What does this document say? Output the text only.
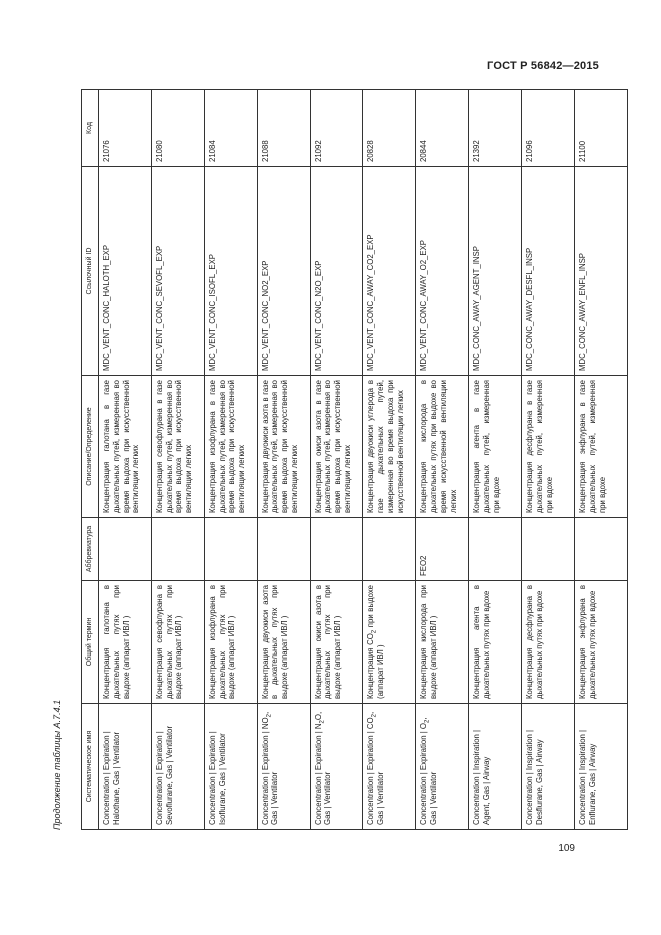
ГОСТ Р 56842—2015
Продолжение таблицы А.7.4.1	Систематическое имя	Общий термин	Аббревиатура	Описание/Определение	Ссылочный ID	Код
Concentration | Expiration | Halothane, Gas | Ventilator	Концентрация галотана в дыхательных путях при выдохе (аппарат ИВЛ )		Концентрация галотана в газе дыхательных путей, измеренная во время выдоха при искусственной вентиляции легких	MDC_VENT_CONC_HALOTH_EXP	21076
Concentration | Expiration | Sevoflurane, Gas | Ventilator	Концентрация севофлурана в дыхательных путях при выдохе (аппарат ИВЛ )		Концентрация севофлурана в газе дыхательных путей, измеренная во время выдоха при искусственной вентиляции легких	MDC_VENT_CONC_SEVOFL_EXP	21080
Concentration | Expiration | Isoflurane, Gas | Ventilator	Концентрация изофлурана в дыхательных путях при выдохе (аппарат ИВЛ )		Концентрация изофлурана в газе дыхательных путей, измеренная во время выдоха при искусственной вентиляции легких	MDC_VENT_CONC_ISOFL_EXP	21084
Concentration | Expiration | $NO_2$, Gas | Ventilator	Концентрация двуокиси азота в дыхательных путях при выдохе (аппарат ИВЛ )		Концентрация двуокиси азота в газе дыхательных путей, измеренная во время выдоха при искусственной вентиляции легких	MDC_VENT_CONC_NO2_EXP	21088
Concentration | Expiration | $N_2O$, Gas | Ventilator	Концентрация окиси азота в дыхательных путях при выдохе (аппарат ИВЛ )		Концентрация окиси азота в газе дыхательных путей, измеренная во время выдоха при искусственной вентиляции легких	MDC_VENT_CONC_N2O_EXP	21092
Concentration | Expiration | $CO_2$, Gas | Ventilator	Концентрация $CO_2$ при выдохе (аппарат ИВЛ )		Концентрация двуокиси углерода в газе дыхательных путей, измеренная во время выдоха при искусственной вентиляции легких	MDC_VENT_CONC_AWAY_CO2_EXP	20828
Concentration | Expiration | $O_2$, Gas | Ventilator	Концентрация кислорода при выдохе (аппарат ИВЛ )	FEO2	Концентрация кислорода в дыхательных путях при выдохе во время искусственной вентиляции легких	MDC_VENT_CONC_AWAY_O2_EXP	20844
Concentration | Inspiration | Agent, Gas | Airway	Концентрация агента в дыхательных путях при вдохе		Концентрация агента в газе дыхательных путей, измеренная при вдохе	MDC_CONC_AWAY_AGENT_INSP	21392
Concentration | Inspiration | Desflurane, Gas | Airway	Концентрация десфлурана в дыхательных путях при вдохе		Концентрация десфлурана в газе дыхательных путей, измеренная при вдохе	MDC_CONC_AWAY_DESFL_INSP	21096
Concentration | Inspiration | Enflurane, Gas | Airway	Концентрация энфлурана в дыхательных путях при вдохе		Концентрация энфлурана в газе дыхательных путей, измеренная при вдохе	MDC_CONC_AWAY_ENFL_INSP	21100
109
